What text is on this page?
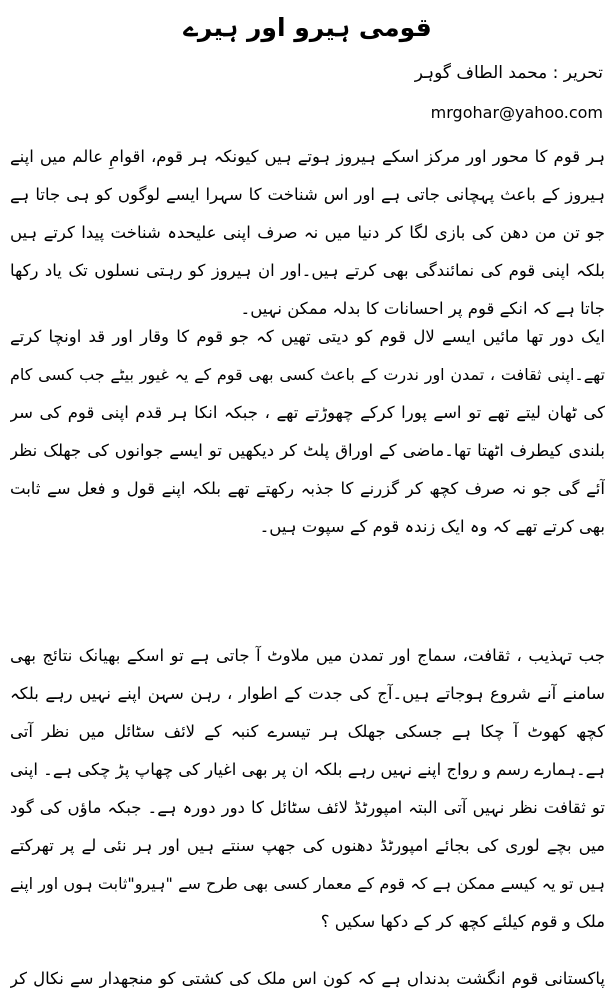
قومی ہیرو اور ہیرے
تحریر : محمد الطاف گوہر
mrgohar@yahoo.com
ہر قوم کا محور اور مرکز اسکے ہیروز ہوتے ہیں کیونکہ ہر قوم، اقوامِ عالم میں اپنے
ہیروز کے باعث پہچانی جاتی ہے اور اس شناخت کا سہرا ایسے لوگوں کو ہی جاتا ہے
جو تن من دھن کی بازی لگا کر دنیا میں نہ صرف اپنی علیحدہ شناخت پیدا کرتے ہیں
بلکہ اپنی قوم کی نمائندگی بھی کرتے ہیں۔اور ان ہیروز کو رہتی نسلوں تک یاد رکھا
جاتا ہے کہ انکے قوم پر احسانات کا بدلہ ممکن نہیں۔
ایک دور تھا مائیں ایسے لال قوم کو دیتی تھیں کہ جو قوم کا وقار اور قد اونچا کرتے
تھے۔اپنی ثقافت ، تمدن اور ندرت کے باعث کسی بھی قوم کے یہ غیور بیٹے جب کسی کام
کی ٹھان لیتے تھے تو اسے پورا کرکے چھوڑتے تھے ، جبکہ انکا ہر قدم اپنی قوم کی سر
بلندی کیطرف اٹھتا تھا۔ماضی کے اوراق پلٹ کر دیکھیں تو ایسے جوانوں کی جھلک نظر
آئے گی جو نہ صرف کچھ کر گزرنے کا جذبہ رکھتے تھے بلکہ اپنے قول و فعل سے ثابت
بھی کرتے تھے کہ وہ ایک زندہ قوم کے سپوت ہیں۔
جب تہذیب ، ثقافت، سماج اور تمدن میں ملاوٹ آ جاتی ہے تو اسکے بھیانک نتائج بھی
سامنے آنے شروع ہوجاتے ہیں۔آج کی جدت کے اطوار ، رہن سہن اپنے نہیں رہے بلکہ
کچھ کھوٹ آ چکا ہے جسکی جھلک ہر تیسرے کنبہ کے لائف سٹائل میں نظر آتی
ہے۔ہمارے رسم و رواج اپنے نہیں رہے بلکہ ان پر بھی اغیار کی چھاپ پڑ چکی ہے۔ اپنی
تو ثقافت نظر نہیں آتی البتہ امپورٹڈ لائف سٹائل کا دور دورہ ہے۔ جبکہ ماؤں کی گود
میں بچے لوری کی بجائے امپورٹڈ دھنوں کی جھپ سنتے ہیں اور ہر نئی لے پر تھرکتے
ہیں تو یہ کیسے ممکن ہے کہ قوم کے معمار کسی بھی طرح سے "ہیرو"ثابت ہوں اور اپنے
ملک و قوم کیلئے کچھ کر کے دکھا سکیں ؟
پاکستانی قوم انگشت بدنداں ہے کہ کون اس ملک کی کشتی کو منجھدار سے نکال کر
